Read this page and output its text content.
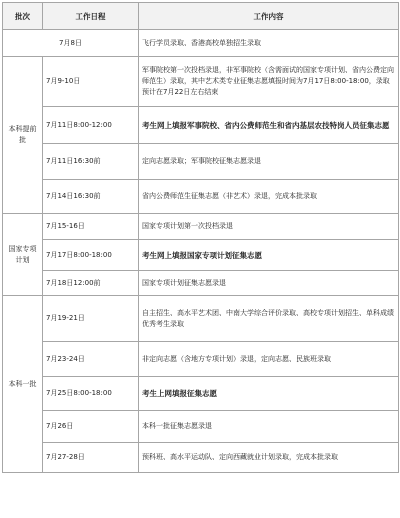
批次	工作日程	工作内容
7月8日		飞行学员录取、香港高校单独招生录取
本科提前批	7月9-10日	军事院校第一次投档录退，非军事院校（含需面试的国家专项计划、省内公费定向师范生）录取，其中艺术类专业征集志愿填报时间为7月17日8:00-18:00，录取预计在7月22日左右结束
	7月11日8:00-12:00	考生网上填报军事院校、省内公费师范生和省内基层农技特岗人员征集志愿
	7月11日16:30前	定向志愿录取；军事院校征集志愿录退
	7月14日16:30前	省内公费师范生征集志愿（非艺术）录退，完成本批录取
国家专项计划	7月15-16日	国家专项计划第一次投档录退
	7月17日8:00-18:00	考生网上填报国家专项计划征集志愿
	7月18日12:00前	国家专项计划征集志愿录退
本科一批	7月19-21日	自主招生、高水平艺术团、中南大学综合评价录取、高校专项计划招生、单科成绩优秀考生录取
	7月23-24日	非定向志愿（含地方专项计划）录退，定向志愿、民族班录取
	7月25日8:00-18:00	考生上网填报征集志愿
	7月26日	本科一批征集志愿录退
	7月27-28日	预科班、高水平运动队、定向西藏就业计划录取，完成本批录取
